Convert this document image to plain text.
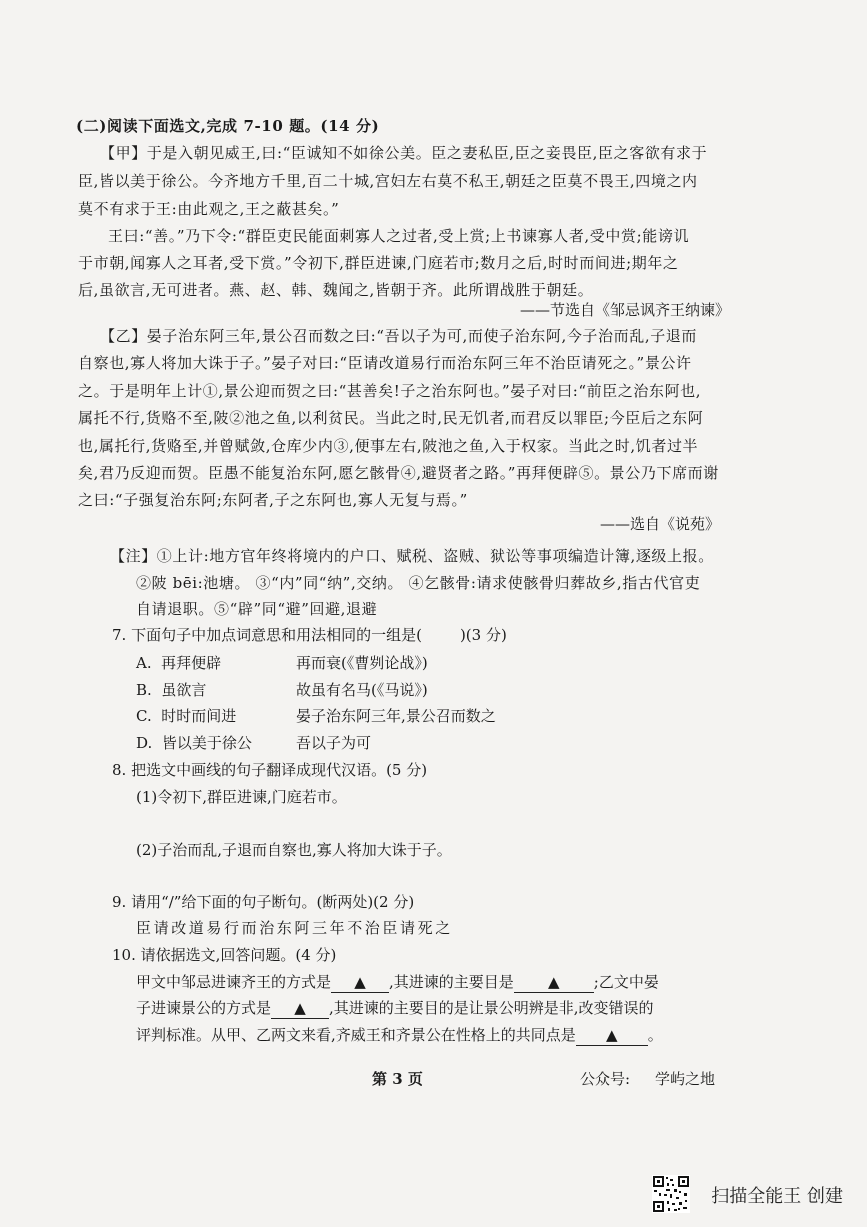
(二)阅读下面选文,完成 7-10 题。(14 分)
【甲】于是入朝见威王,曰:“臣诚知不如徐公美。臣之妻私臣,臣之妾畏臣,臣之客欲有求于
臣,皆以美于徐公。今齐地方千里,百二十城,宫妇左右莫不私王,朝廷之臣莫不畏王,四境之内
莫不有求于王:由此观之,王之蔽甚矣。”
王曰:“善。”乃下令:“群臣吏民能面刺寡人之过者,受上赏;上书谏寡人者,受中赏;能谤讥
于市朝,闻寡人之耳者,受下赏。”令初下,群臣进谏,门庭若市;数月之后,时时而间进;期年之
后,虽欲言,无可进者。燕、赵、韩、魏闻之,皆朝于齐。此所谓战胜于朝廷。
——节选自《邹忌讽齐王纳谏》
【乙】晏子治东阿三年,景公召而数之曰:“吾以子为可,而使子治东阿,今子治而乱,子退而
自察也,寡人将加大诛于子。”晏子对曰:“臣请改道易行而治东阿三年不治臣请死之。”景公许
之。于是明年上计①,景公迎而贺之曰:“甚善矣!子之治东阿也。”晏子对曰:“前臣之治东阿也,
属托不行,货赂不至,陂②池之鱼,以利贫民。当此之时,民无饥者,而君反以罪臣;今臣后之东阿
也,属托行,货赂至,并曾赋敛,仓库少内③,便事左右,陂池之鱼,入于权家。当此之时,饥者过半
矣,君乃反迎而贺。臣愚不能复治东阿,愿乞骸骨④,避贤者之路。”再拜便辟⑤。景公乃下席而谢
之曰:“子强复治东阿;东阿者,子之东阿也,寡人无复与焉。”
——选自《说苑》
【注】①上计:地方官年终将境内的户口、赋税、盗贼、狱讼等事项编造计簿,逐级上报。
②陂 bēi:池塘。 ③“内”同“纳”,交纳。 ④乞骸骨:请求使骸骨归葬故乡,指古代官吏
自请退职。⑤“辟”同“避”回避,退避
7. 下面句子中加点词意思和用法相同的一组是(	)(3 分)
A. 再拜便辟	再而衰(《曹刿论战》)
B. 虽欲言	故虽有名马(《马说》)
C. 时时而间进	晏子治东阿三年,景公召而数之
D. 皆以美于徐公	吾以子为可
8. 把选文中画线的句子翻译成现代汉语。(5 分)
(1)令初下,群臣进谏,门庭若市。
(2)子治而乱,子退而自察也,寡人将加大诛于子。
9. 请用“/”给下面的句子断句。(断两处)(2 分)
臣请改道易行而治东阿三年不治臣请死之
10. 请依据选文,回答问题。(4 分)
甲文中邹忌进谏齐王的方式是 ▲ ,其进谏的主要目是 ▲ ;乙文中晏
子进谏景公的方式是 ▲ ,其进谏的主要目的是让景公明辨是非,改变错误的
评判标准。从甲、乙两文来看,齐威王和齐景公在性格上的共同点是 ▲ 。
第 3 页	公众号: 学屿之地
扫描全能王 创建
